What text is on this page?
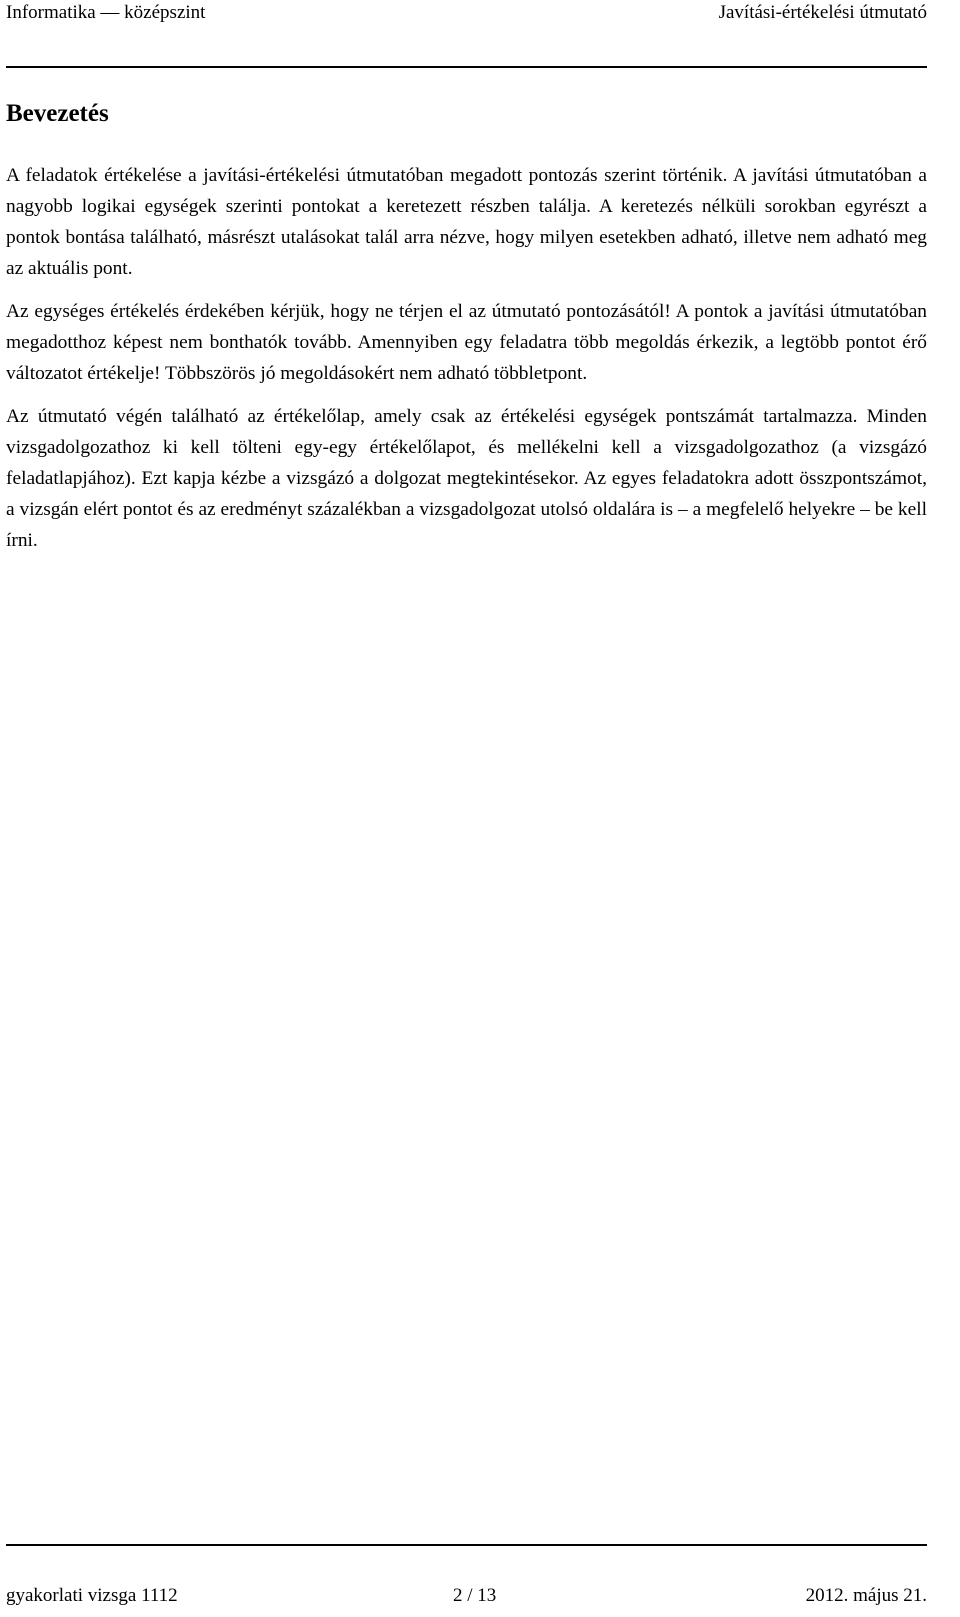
Informatika — középszint	Javítási-értékelési útmutató
Bevezetés

A feladatok értékelése a javítási-értékelési útmutatóban megadott pontozás szerint történik. A javítási útmutatóban a nagyobb logikai egységek szerinti pontokat a keretezett részben találja. A keretezés nélküli sorokban egyrészt a pontok bontása található, másrészt utalásokat talál arra nézve, hogy milyen esetekben adható, illetve nem adható meg az aktuális pont.

Az egységes értékelés érdekében kérjük, hogy ne térjen el az útmutató pontozásától! A pontok a javítási útmutatóban megadotthoz képest nem bonthatók tovább. Amennyiben egy feladatra több megoldás érkezik, a legtöbb pontot érő változatot értékelje! Többszörös jó megoldásokért nem adható többletpont.

Az útmutató végén található az értékelőlap, amely csak az értékelési egységek pontszámát tartalmazza. Minden vizsgadolgozathoz ki kell tölteni egy-egy értékelőlapot, és mellékelni kell a vizsgadolgozathoz (a vizsgázó feladatlapjához). Ezt kapja kézbe a vizsgázó a dolgozat megtekintésekor. Az egyes feladatokra adott összpontszámot, a vizsgán elért pontot és az eredményt százalékban a vizsgadolgozat utolsó oldalára is – a megfelelő helyekre – be kell írni.

gyakorlati vizsga 1112	2 / 13	2012. május 21.
